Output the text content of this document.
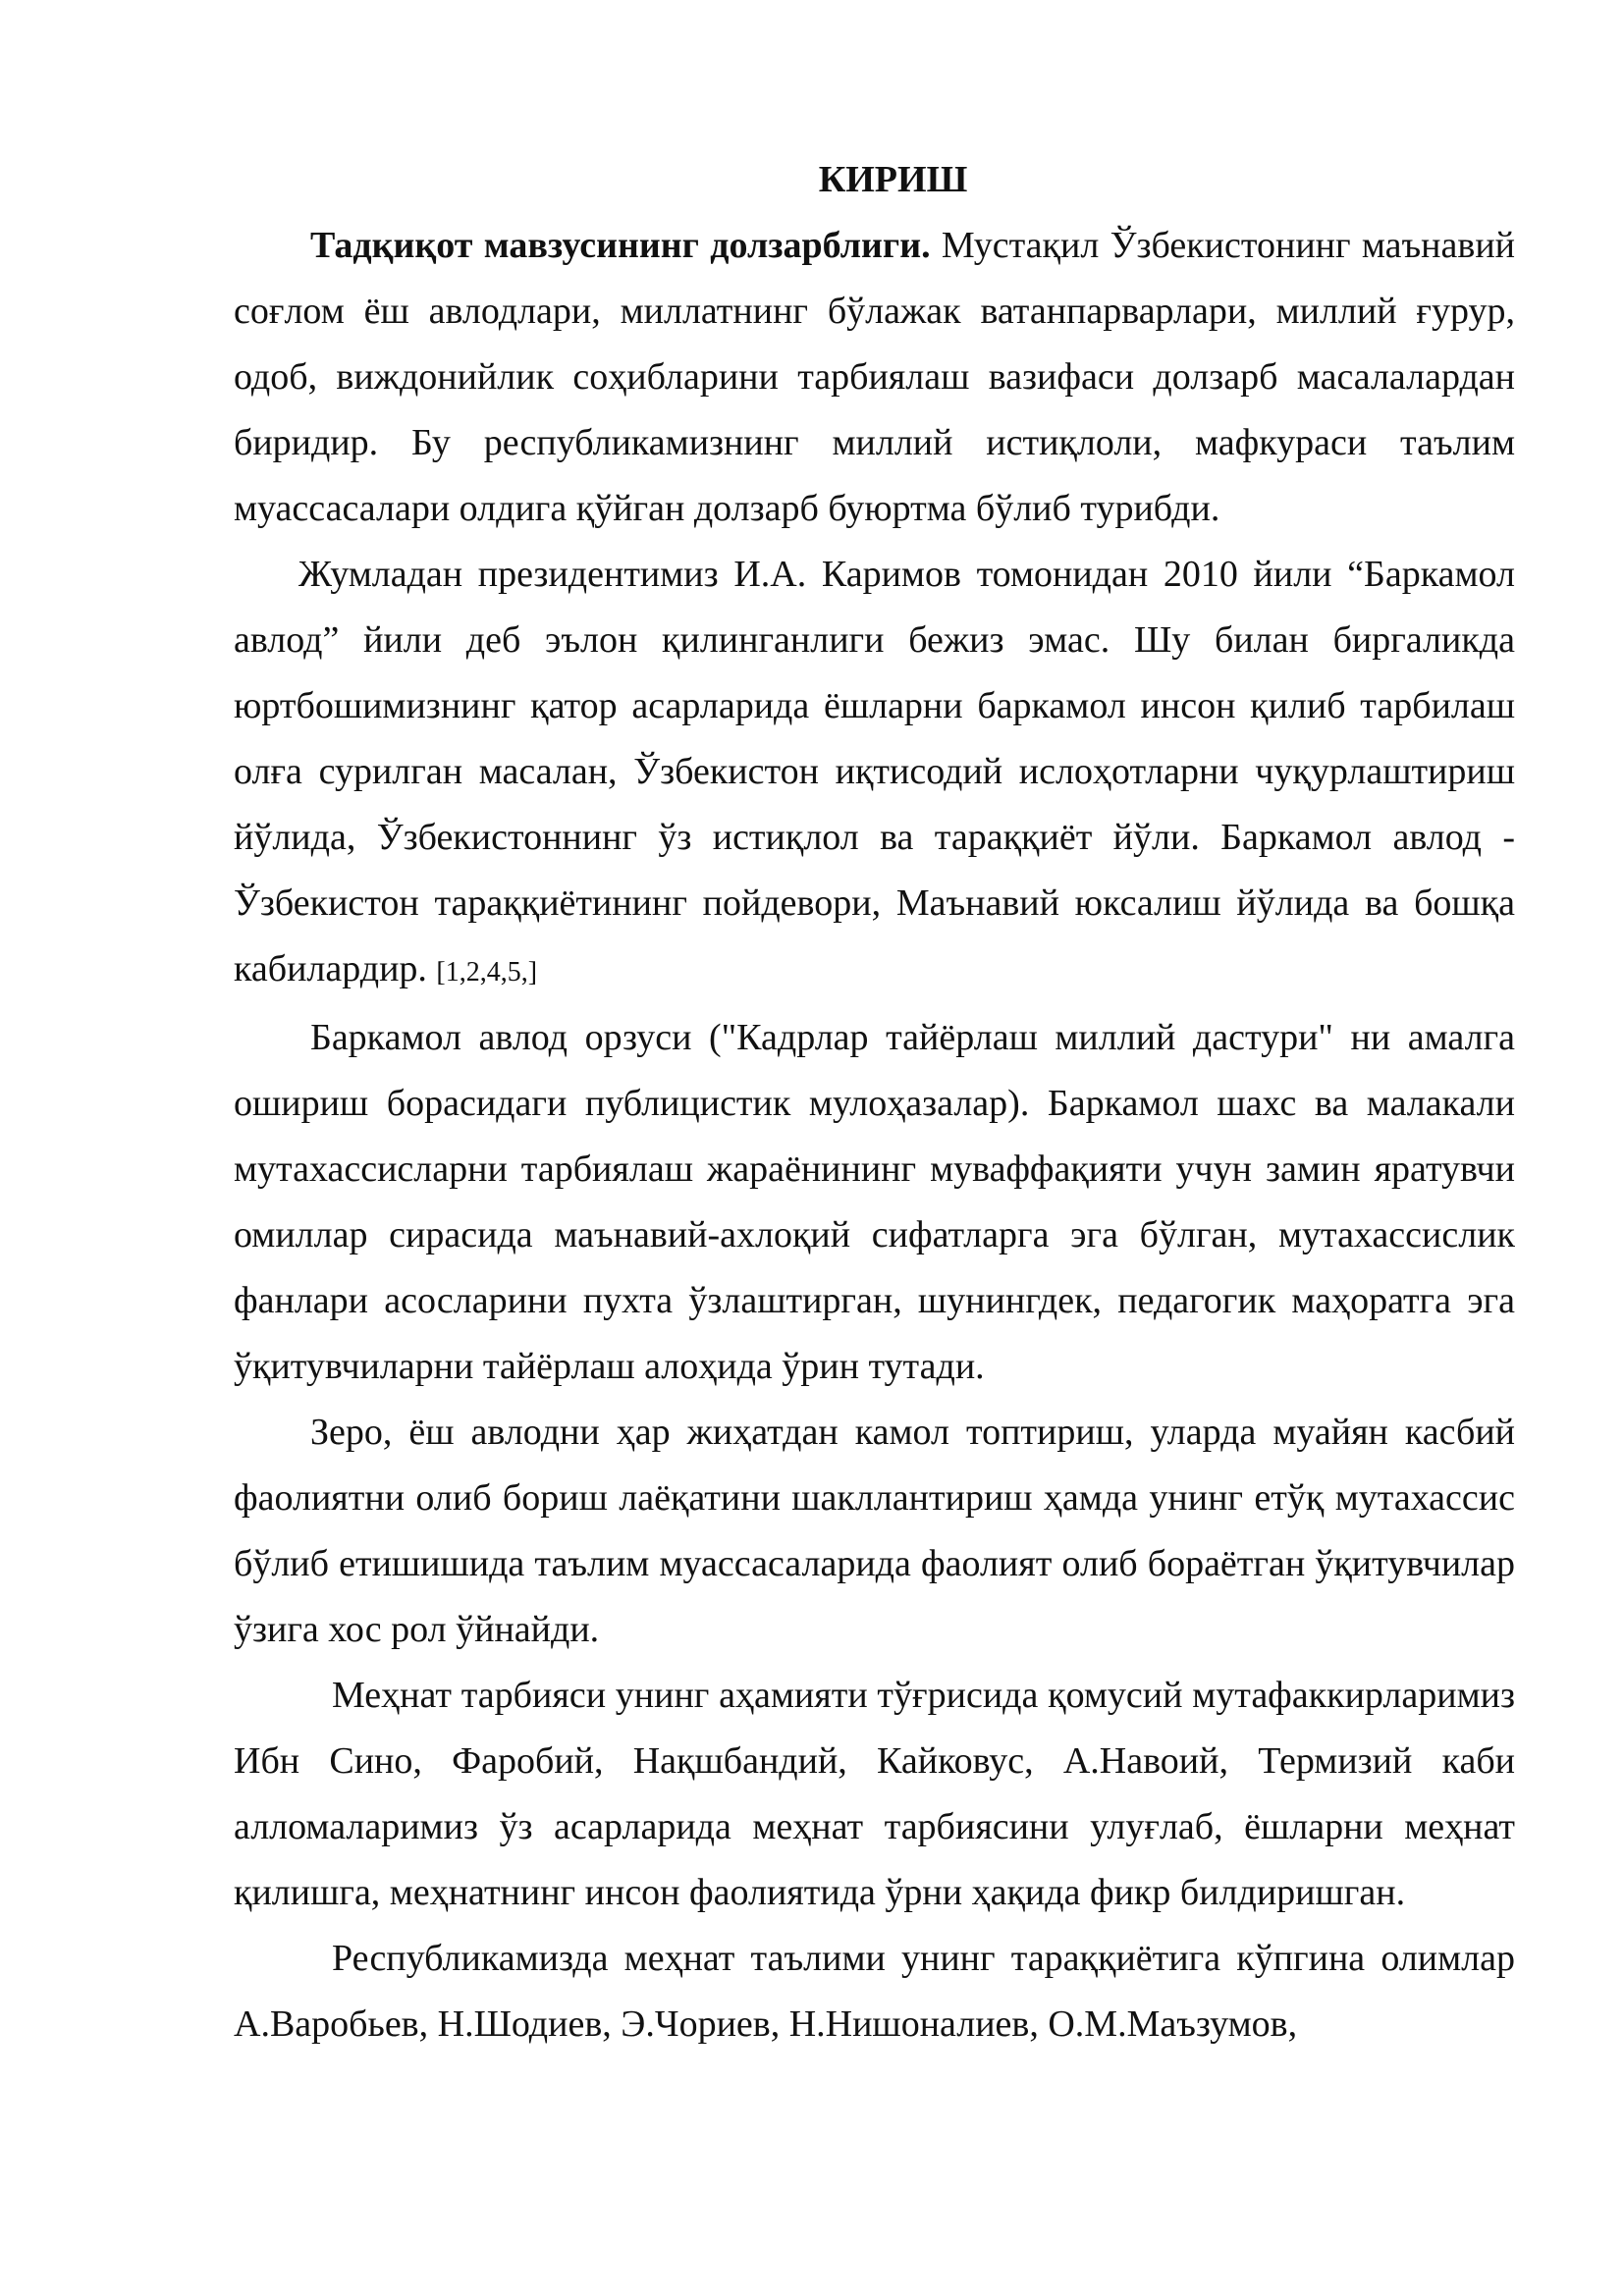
КИРИШ

Тадқиқот мавзусининг долзарблиги. Мустақил Ўзбекистонинг маънавий соғлом ёш авлодлари, миллатнинг бўлажак ватанпарварлари, миллий ғурур, одоб, виждонийлик соҳибларини тарбиялаш вазифаси долзарб масалалардан биридир. Бу республикамизнинг миллий истиқлоли, мафкураси таълим муассасалари олдига қўйган долзарб буюртма бўлиб турибди.

Жумладан президентимиз И.А. Каримов томонидан 2010 йили “Баркамол авлод” йили деб эълон қилинганлиги бежиз эмас. Шу билан биргаликда юртбошимизнинг қатор асарларида ёшларни баркамол инсон қилиб тарбилаш олға сурилган масалан, Ўзбекистон иқтисодий ислоҳотларни чуқурлаштириш йўлида, Ўзбекистоннинг ўз истиқлол ва тараққиёт йўли. Баркамол авлод - Ўзбекистон тараққиётининг пойдевори, Маънавий юксалиш йўлида ва бошқа кабилардир. [1,2,4,5,]

Баркамол авлод орзуси ("Кадрлар тайёрлаш миллий дастури" ни амалга ошириш борасидаги публицистик мулоҳазалар). Баркамол шахс ва малакали мутахассисларни тарбиялаш жараёнининг муваффақияти учун замин яратувчи омиллар сирасида маънавий-ахлоқий сифатларга эга бўлган, мутахассислик фанлари асосларини пухта ўзлаштирган, шунингдек, педагогик маҳоратга эга ўқитувчиларни тайёрлаш алоҳида ўрин тутади.

Зеро, ёш авлодни ҳар жиҳатдан камол топтириш, уларда муайян касбий фаолиятни олиб бориш лаёқатини шакллантириш ҳамда унинг етўқ мутахассис бўлиб етишишида таълим муассасаларида фаолият олиб бораётган ўқитувчилар ўзига хос рол ўйнайди.

Меҳнат тарбияси унинг аҳамияти тўғрисида қомусий мутафаккирларимиз Ибн Сино, Фаробий, Нақшбандий, Кайковус, А.Навоий, Термизий каби алломаларимиз ўз асарларида меҳнат тарбиясини улуғлаб, ёшларни меҳнат қилишга, меҳнатнинг инсон фаолиятида ўрни ҳақида фикр билдиришган.

Республикамизда меҳнат таълими унинг тараққиётига кўпгина олимлар А.Варобьев, Н.Шодиев, Э.Чориев, Н.Нишоналиев, О.М.Маъзумов,
